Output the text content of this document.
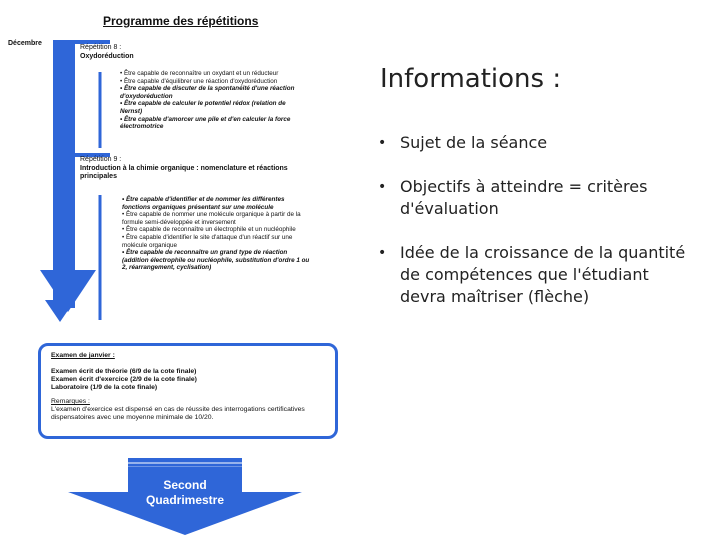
Programme des répétitions
Décembre
Répétition 8 :
Oxydoréduction
• Être capable de reconnaître un oxydant et un réducteur
• Être capable d'équilibrer une réaction d'oxydoréduction
• Être capable de discuter de la spontanéité d'une réaction d'oxydoréduction
• Être capable de calculer le potentiel rédox (relation de Nernst)
• Être capable d'amorcer une pile et d'en calculer la force électromotrice
Répétition 9 :
Introduction à la chimie organique : nomenclature et réactions principales
• Être capable d'identifier et de nommer les différentes fonctions organiques présentant sur une molécule
• Être capable de nommer une molécule organique à partir de la formule semi-développée et inversement
• Être capable de reconnaître un électrophile et un nucléophile
• Être capable d'identifier le site d'attaque d'un réactif sur une molécule organique
• Être capable de reconnaître un grand type de réaction (addition électrophile ou nucléophile, substitution d'ordre 1 ou 2, réarrangement, cyclisation)
Examen de janvier :
Examen écrit de théorie (6/9 de la cote finale)
Examen écrit d'exercice (2/9 de la cote finale)
Laboratoire (1/9 de la cote finale)
Remarques :
L'examen d'exercice est dispensé en cas de réussite des interrogations certificatives dispensatoires avec une moyenne minimale de 10/20.
Second
Quadrimestre
Informations :
• Sujet de la séance
• Objectifs à atteindre = critères d'évaluation
• Idée de la croissance de la quantité de compétences que l'étudiant devra maîtriser (flèche)
